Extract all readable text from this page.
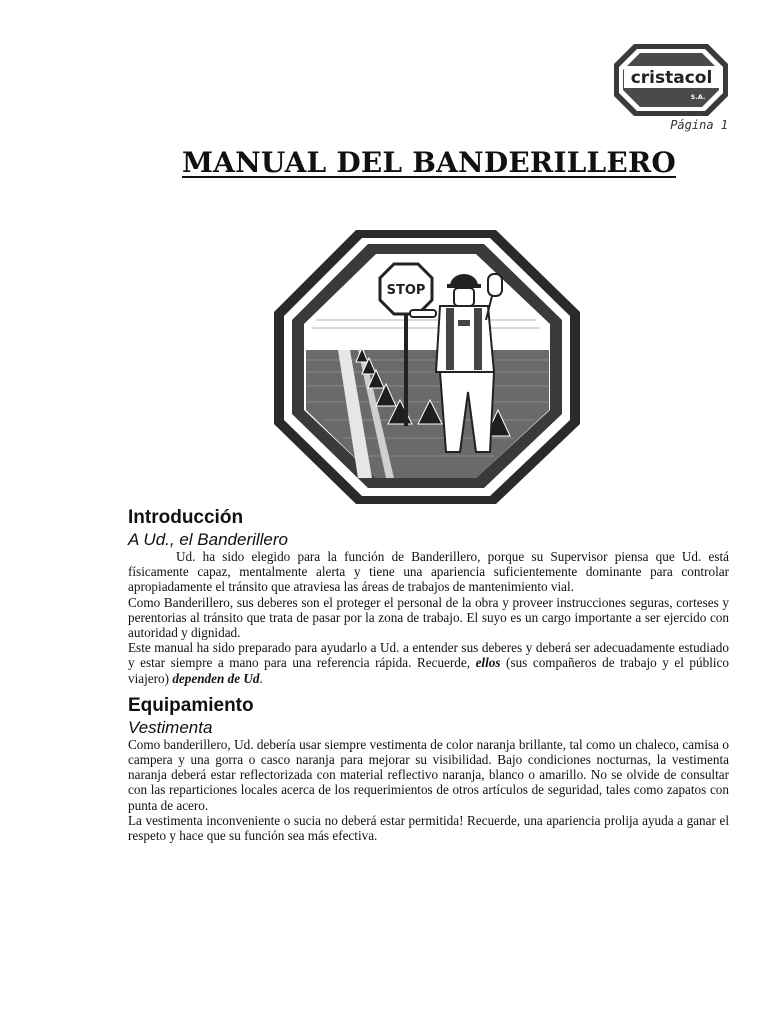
cristacol
S.A.
Página 1
MANUAL DEL BANDERILLERO
STOP
Introducción
A Ud., el Banderillero

Ud. ha sido elegido para la función de Banderillero, porque su Supervisor piensa que Ud. está físicamente capaz, mentalmente alerta y tiene una apariencia suficientemente dominante para controlar apropiadamente el tránsito que atraviesa las áreas de trabajos de mantenimiento vial.

Como Banderillero, sus deberes son el proteger el personal de la obra y proveer instrucciones seguras, corteses y perentorias al tránsito que trata de pasar por la zona de trabajo. El suyo es un cargo importante a ser ejercido con autoridad y dignidad.

Este manual ha sido preparado para ayudarlo a Ud. a entender sus deberes y deberá ser adecuadamente estudiado y estar siempre a mano para una referencia rápida. Recuerde, ellos (sus compañeros de trabajo y el público viajero) dependen de Ud.

Equipamiento
Vestimenta

Como banderillero, Ud. debería usar siempre vestimenta de color naranja brillante, tal como un chaleco, camisa o campera y una gorra o casco naranja para mejorar su visibilidad. Bajo condiciones nocturnas, la vestimenta naranja deberá estar reflectorizada con material reflectivo naranja, blanco o amarillo. No se olvide de consultar con las reparticiones locales acerca de los requerimientos de otros artículos de seguridad, tales como zapatos con punta de acero.

La vestimenta inconveniente o sucia no deberá estar permitida! Recuerde, una apariencia prolija ayuda a ganar el respeto y hace que su función sea más efectiva.
